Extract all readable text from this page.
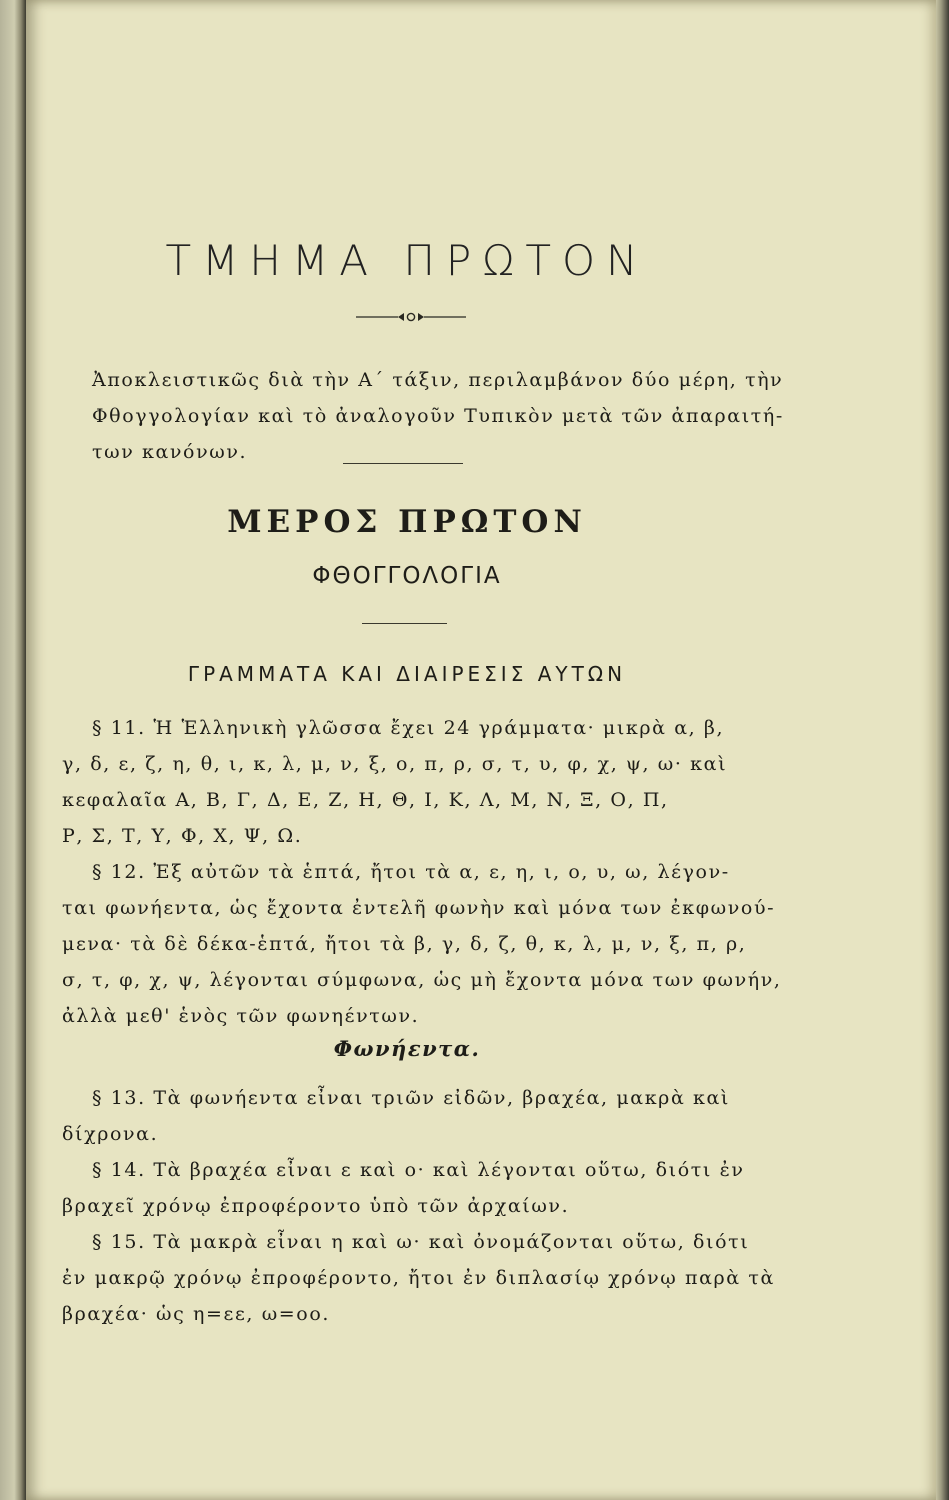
ΤΜΗΜΑ ΠΡΩΤΟΝ

Ἀποκλειστικῶς διὰ τὴν Α΄ τάξιν, περιλαμβάνον δύο μέρη, τὴν
Φθογγολογίαν καὶ τὸ ἀναλογοῦν Τυπικὸν μετὰ τῶν ἀπαραιτή-
των κανόνων.

ΜΕΡΟΣ ΠΡΩΤΟΝ
ΦΘΟΓΓΟΛΟΓΙΑ
ΓΡΑΜΜΑΤΑ ΚΑΙ ΔΙΑΙΡΕΣΙΣ ΑΥΤΩΝ
§ 11. Ἡ Ἑλληνικὴ γλῶσσα ἔχει 24 γράμματα· μικρὰ α, β,
γ, δ, ε, ζ, η, θ, ι, κ, λ, μ, ν, ξ, ο, π, ρ, σ, τ, υ, φ, χ, ψ, ω· καὶ
κεφαλαῖα Α, Β, Γ, Δ, Ε, Ζ, Η, Θ, Ι, Κ, Λ, Μ, Ν, Ξ, Ο, Π,
Ρ, Σ, Τ, Υ, Φ, Χ, Ψ, Ω.
§ 12. Ἐξ αὐτῶν τὰ ἑπτά, ἤτοι τὰ α, ε, η, ι, ο, υ, ω, λέγον-
ται φωνήεντα, ὡς ἔχοντα ἐντελῆ φωνὴν καὶ μόνα των ἐκφωνού-
μενα· τὰ δὲ δέκα-ἑπτά, ἤτοι τὰ β, γ, δ, ζ, θ, κ, λ, μ, ν, ξ, π, ρ,
σ, τ, φ, χ, ψ, λέγονται σύμφωνα, ὡς μὴ ἔχοντα μόνα των φωνήν,
ἀλλὰ μεθ' ἑνὸς τῶν φωνηέντων.
Φωνήεντα.
§ 13. Τὰ φωνήεντα εἶναι τριῶν εἰδῶν, βραχέα, μακρὰ καὶ
δίχρονα.
§ 14. Τὰ βραχέα εἶναι ε καὶ ο· καὶ λέγονται οὕτω, διότι ἐν
βραχεῖ χρόνῳ ἐπροφέροντο ὑπὸ τῶν ἀρχαίων.
§ 15. Τὰ μακρὰ εἶναι η καὶ ω· καὶ ὀνομάζονται οὕτω, διότι
ἐν μακρῷ χρόνῳ ἐπροφέροντο, ἤτοι ἐν διπλασίῳ χρόνῳ παρὰ τὰ
βραχέα· ὡς η=εε, ω=οο.
